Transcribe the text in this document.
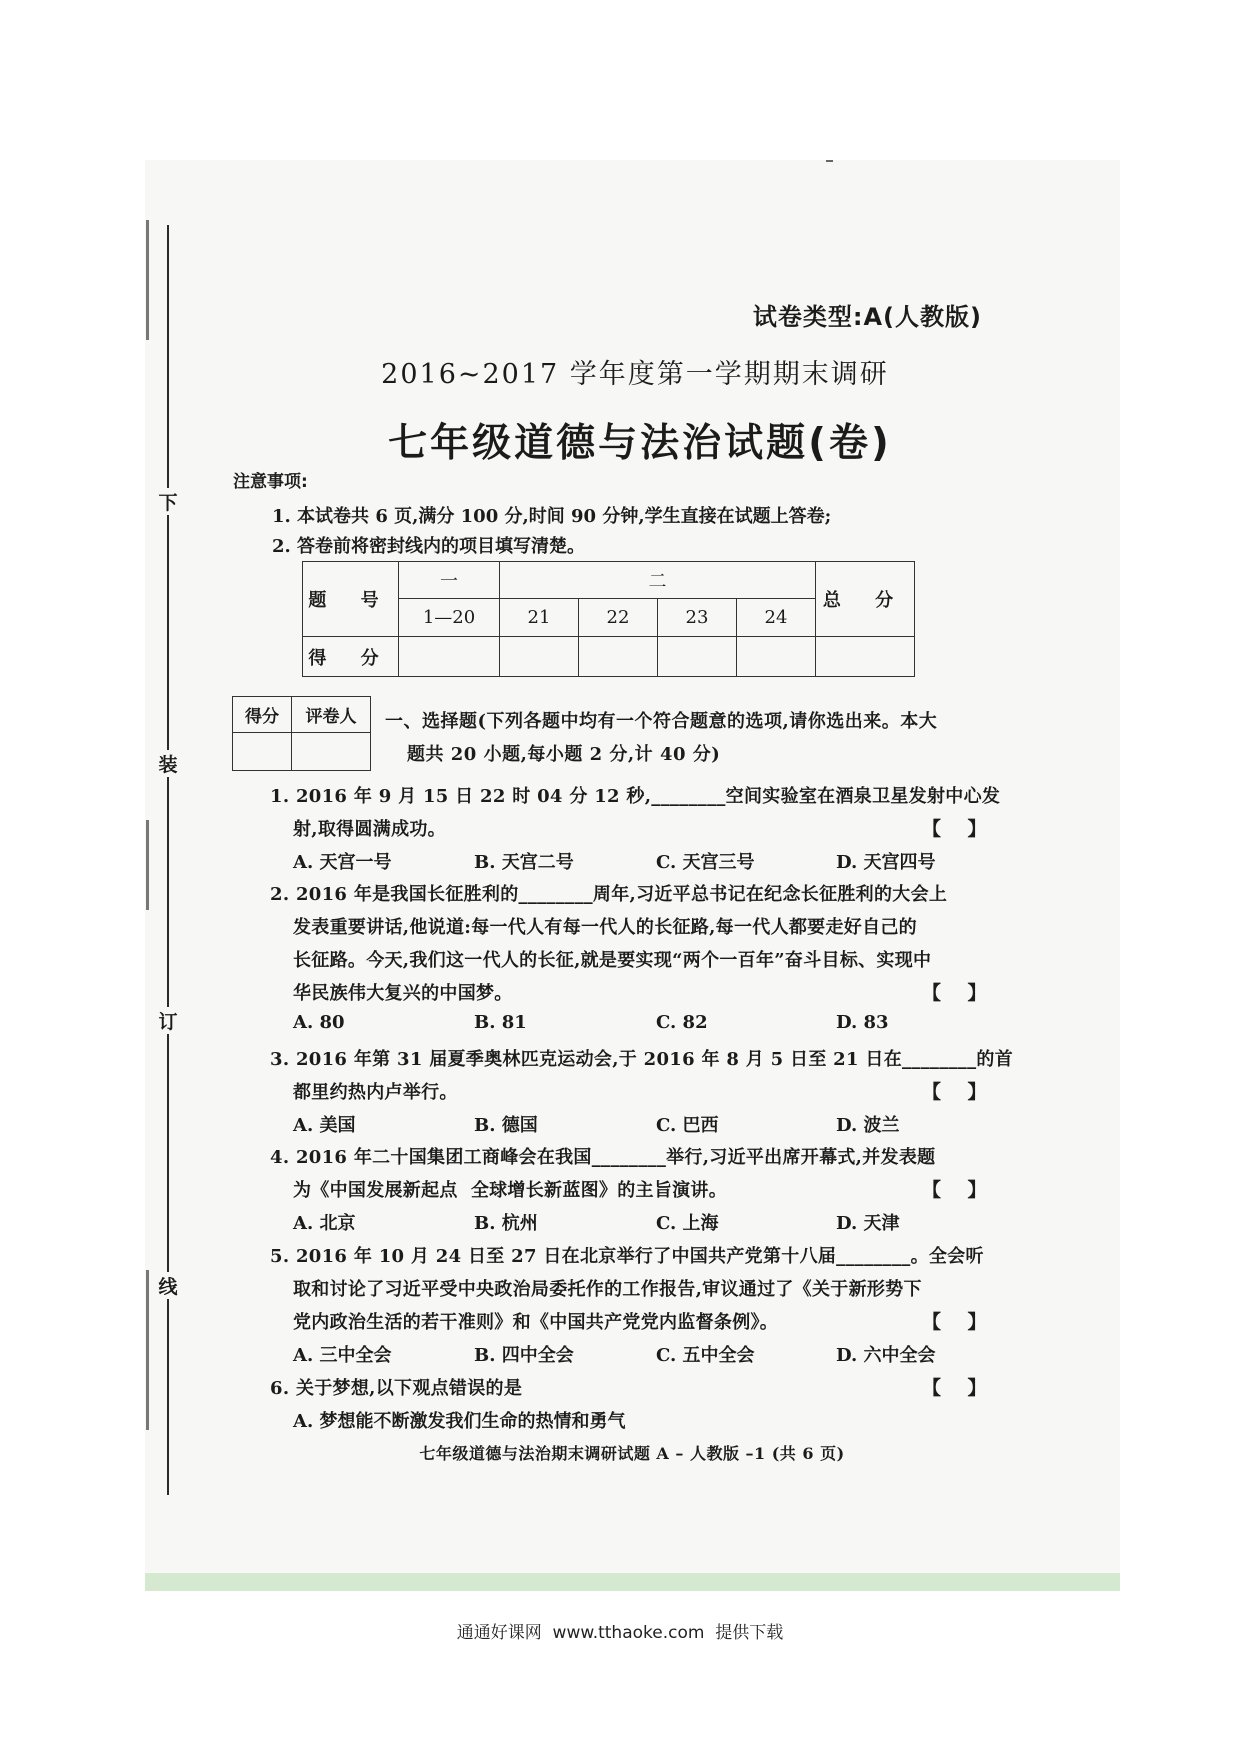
下
装
订
线
试卷类型:A(人教版)
2016~2017 学年度第一学期期末调研
七年级道德与法治试题(卷)
注意事项:
1. 本试卷共 6 页,满分 100 分,时间 90 分钟,学生直接在试题上答卷;
2. 答卷前将密封线内的项目填写清楚。
题 号	一	二				总 分
	1—20	21	22	23	24	
得 分						
得分	评卷人
	一、选择题(下列各题中均有一个符合题意的选项,请你选出来。本大
题共 20 小题,每小题 2 分,计 40 分)
1. 2016 年 9 月 15 日 22 时 04 分 12 秒,________空间实验室在酒泉卫星发射中心发
射,取得圆满成功。	【    】
A. 天宫一号	B. 天宫二号	C. 天宫三号	D. 天宫四号
2. 2016 年是我国长征胜利的________周年,习近平总书记在纪念长征胜利的大会上
发表重要讲话,他说道:每一代人有每一代人的长征路,每一代人都要走好自己的
长征路。今天,我们这一代人的长征,就是要实现“两个一百年”奋斗目标、实现中
华民族伟大复兴的中国梦。	【    】
A. 80	B. 81	C. 82	D. 83
3. 2016 年第 31 届夏季奥林匹克运动会,于 2016 年 8 月 5 日至 21 日在________的首
都里约热内卢举行。	【    】
A. 美国	B. 德国	C. 巴西	D. 波兰
4. 2016 年二十国集团工商峰会在我国________举行,习近平出席开幕式,并发表题
为《中国发展新起点  全球增长新蓝图》的主旨演讲。	【    】
A. 北京	B. 杭州	C. 上海	D. 天津
5. 2016 年 10 月 24 日至 27 日在北京举行了中国共产党第十八届________。全会听
取和讨论了习近平受中央政治局委托作的工作报告,审议通过了《关于新形势下
党内政治生活的若干准则》和《中国共产党党内监督条例》。	【    】
A. 三中全会	B. 四中全会	C. 五中全会	D. 六中全会
6. 关于梦想,以下观点错误的是	【    】
A. 梦想能不断激发我们生命的热情和勇气
七年级道德与法治期末调研试题 A – 人教版 –1 (共 6 页)
通通好课网  www.tthaoke.com  提供下载
